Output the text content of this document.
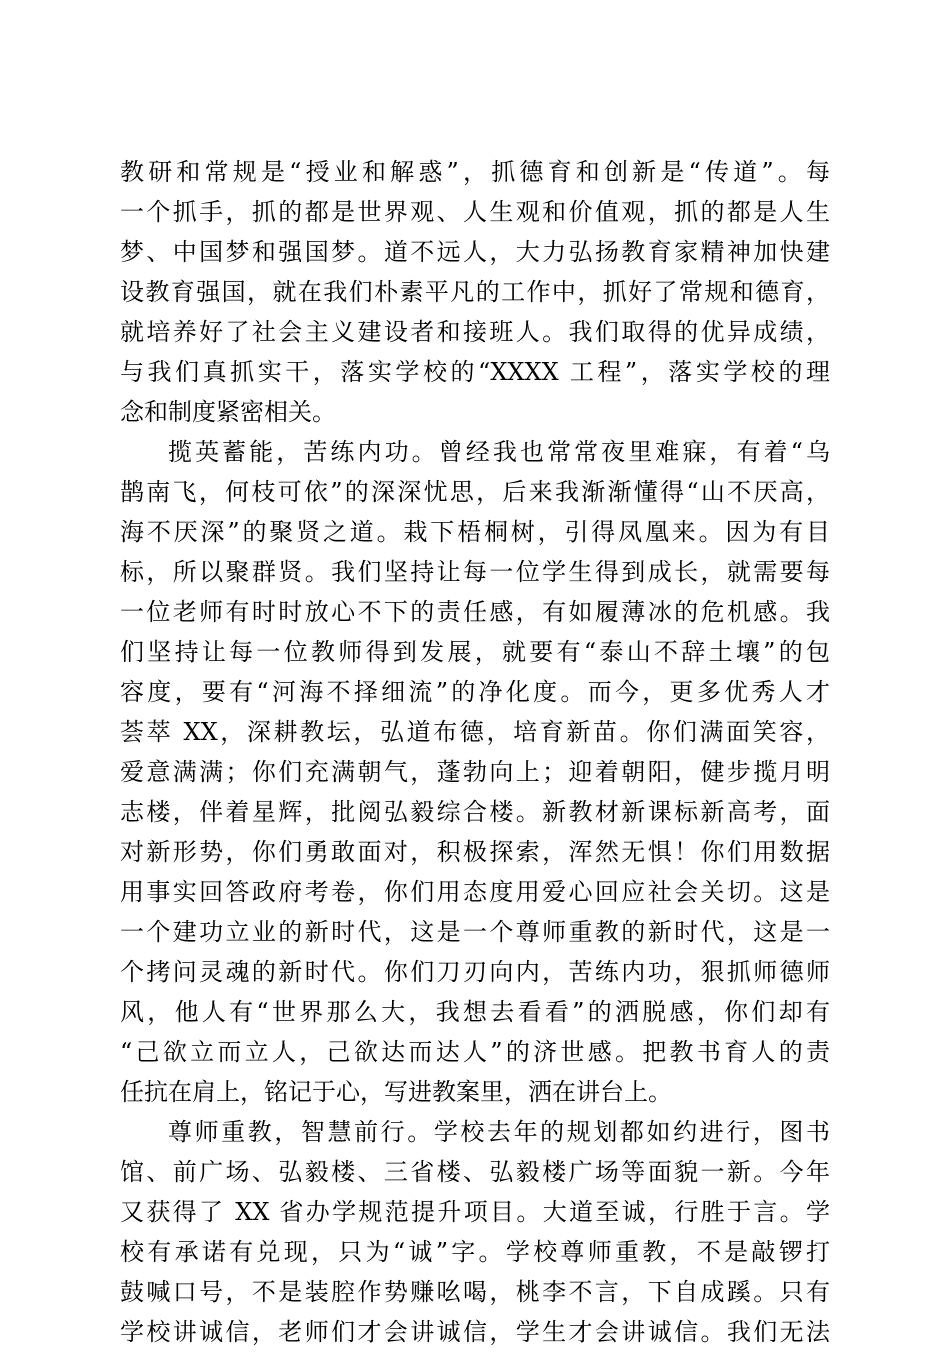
教研和常规是“授业和解惑”，抓德育和创新是“传道”。每
一个抓手，抓的都是世界观、人生观和价值观，抓的都是人生
梦、中国梦和强国梦。道不远人，大力弘扬教育家精神加快建
设教育强国，就在我们朴素平凡的工作中，抓好了常规和德育，
就培养好了社会主义建设者和接班人。我们取得的优异成绩，
与我们真抓实干，落实学校的“XXXX 工程”，落实学校的理
念和制度紧密相关。
揽英蓄能，苦练内功。曾经我也常常夜里难寐，有着“乌
鹊南飞，何枝可依”的深深忧思，后来我渐渐懂得“山不厌高，
海不厌深”的聚贤之道。栽下梧桐树，引得凤凰来。因为有目
标，所以聚群贤。我们坚持让每一位学生得到成长，就需要每
一位老师有时时放心不下的责任感，有如履薄冰的危机感。我
们坚持让每一位教师得到发展，就要有“泰山不辞土壤”的包
容度，要有“河海不择细流”的净化度。而今，更多优秀人才
荟萃 XX，深耕教坛，弘道布德，培育新苗。你们满面笑容，
爱意满满；你们充满朝气，蓬勃向上；迎着朝阳，健步揽月明
志楼，伴着星辉，批阅弘毅综合楼。新教材新课标新高考，面
对新形势，你们勇敢面对，积极探索，浑然无惧！你们用数据
用事实回答政府考卷，你们用态度用爱心回应社会关切。这是
一个建功立业的新时代，这是一个尊师重教的新时代，这是一
个拷问灵魂的新时代。你们刀刃向内，苦练内功，狠抓师德师
风，他人有“世界那么大，我想去看看”的洒脱感，你们却有
“己欲立而立人，己欲达而达人”的济世感。把教书育人的责
任抗在肩上，铭记于心，写进教案里，洒在讲台上。
尊师重教，智慧前行。学校去年的规划都如约进行，图书
馆、前广场、弘毅楼、三省楼、弘毅楼广场等面貌一新。今年
又获得了 XX 省办学规范提升项目。大道至诚，行胜于言。学
校有承诺有兑现，只为“诚”字。学校尊师重教，不是敲锣打
鼓喊口号，不是装腔作势赚吆喝，桃李不言，下自成蹊。只有
学校讲诚信，老师们才会讲诚信，学生才会讲诚信。我们无法
